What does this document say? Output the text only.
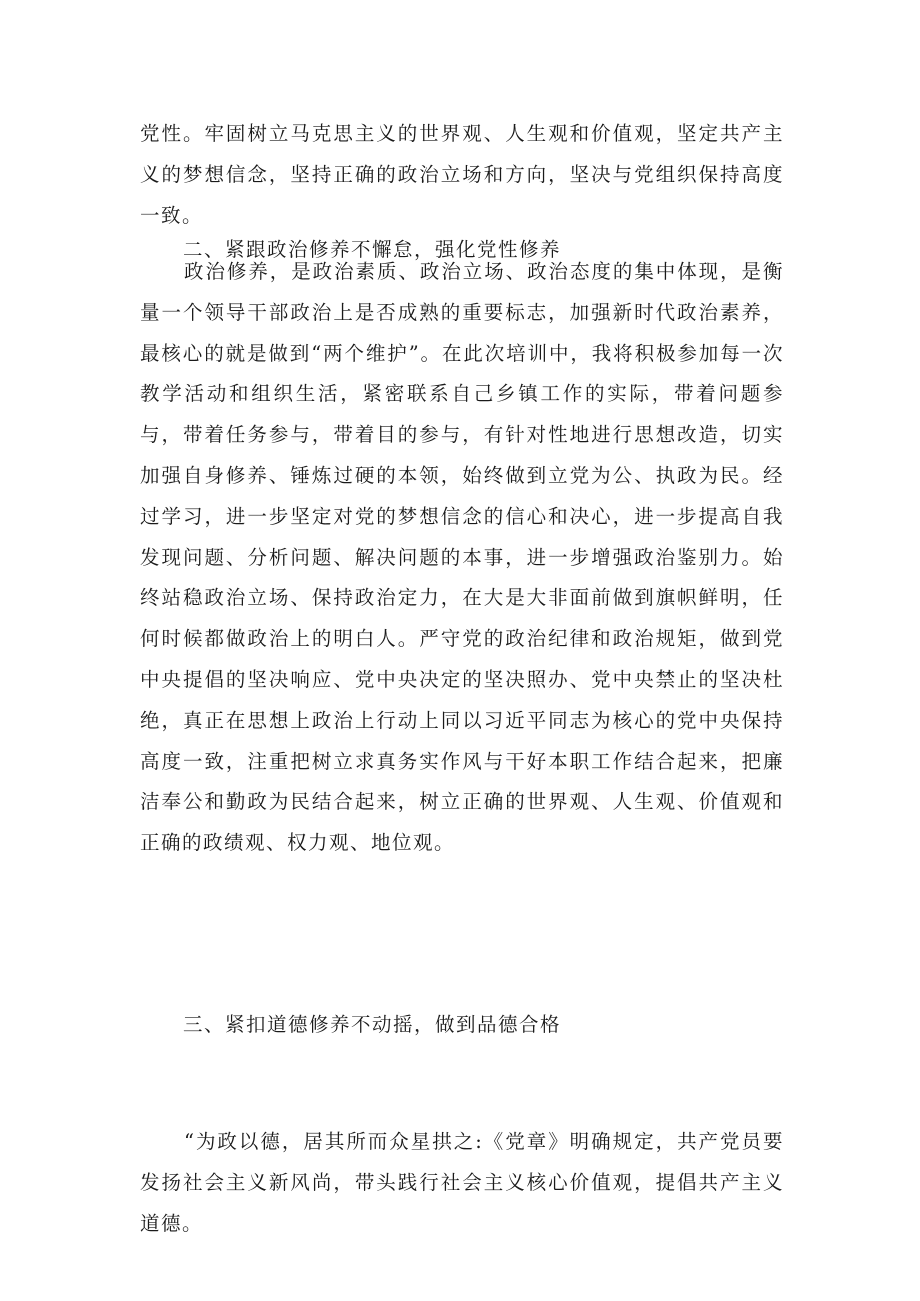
党性。牢固树立马克思主义的世界观、人生观和价值观，坚定共产主义的梦想信念，坚持正确的政治立场和方向，坚决与党组织保持高度一致。

二、紧跟政治修养不懈怠，强化党性修养

政治修养，是政治素质、政治立场、政治态度的集中体现，是衡量一个领导干部政治上是否成熟的重要标志，加强新时代政治素养，最核心的就是做到“两个维护”。在此次培训中，我将积极参加每一次教学活动和组织生活，紧密联系自己乡镇工作的实际，带着问题参与，带着任务参与，带着目的参与，有针对性地进行思想改造，切实加强自身修养、锤炼过硬的本领，始终做到立党为公、执政为民。经过学习，进一步坚定对党的梦想信念的信心和决心，进一步提高自我发现问题、分析问题、解决问题的本事，进一步增强政治鉴别力。始终站稳政治立场、保持政治定力，在大是大非面前做到旗帜鲜明，任何时候都做政治上的明白人。严守党的政治纪律和政治规矩，做到党中央提倡的坚决响应、党中央决定的坚决照办、党中央禁止的坚决杜绝，真正在思想上政治上行动上同以习近平同志为核心的党中央保持高度一致，注重把树立求真务实作风与干好本职工作结合起来，把廉洁奉公和勤政为民结合起来，树立正确的世界观、人生观、价值观和正确的政绩观、权力观、地位观。

三、紧扣道德修养不动摇，做到品德合格

“为政以德，居其所而众星拱之:《党章》明确规定，共产党员要发扬社会主义新风尚，带头践行社会主义核心价值观，提倡共产主义道德。
